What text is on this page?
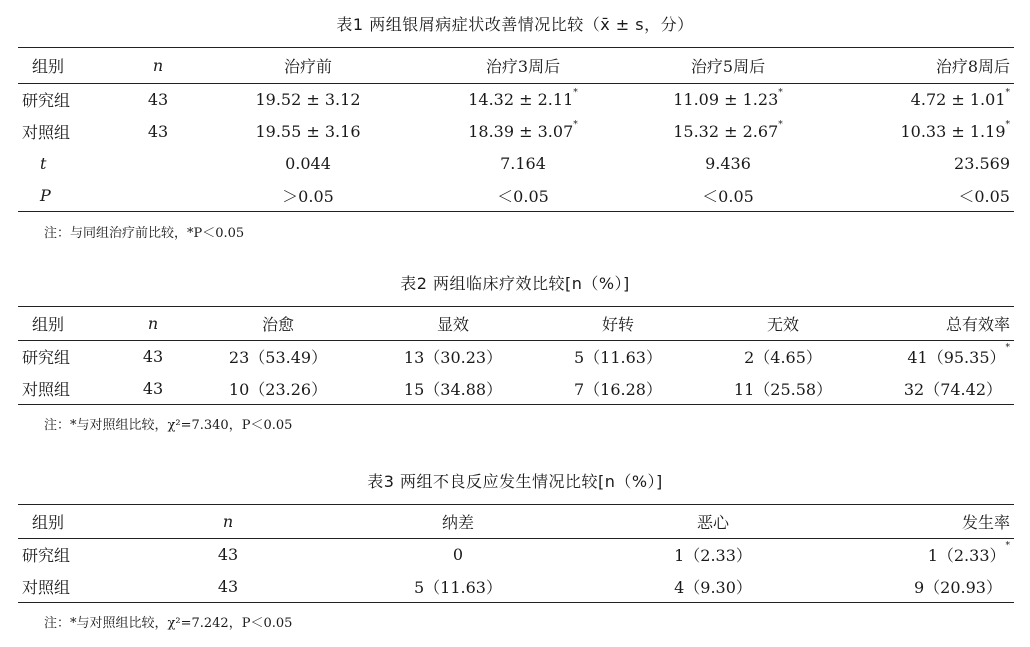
表1 两组银屑病症状改善情况比较（x̄ ± s，分）
组别	n	治疗前	治疗3周后	治疗5周后	治疗8周后
研究组	43	19.52 ± 3.12	14.32 ± 2.11*	11.09 ± 1.23*	4.72 ± 1.01*
对照组	43	19.55 ± 3.16	18.39 ± 3.07*	15.32 ± 2.67*	10.33 ± 1.19*
t		0.044	7.164	9.436	23.569
P		＞0.05	＜0.05	＜0.05	＜0.05
注：与同组治疗前比较，*P＜0.05
表2 两组临床疗效比较[n（%）]
组别	n	治愈	显效	好转	无效	总有效率
研究组	43	23（53.49）	13（30.23）	5（11.63）	2（4.65）	41（95.35）*
对照组	43	10（23.26）	15（34.88）	7（16.28）	11（25.58）	32（74.42）
注：*与对照组比较，χ²=7.340，P＜0.05
表3 两组不良反应发生情况比较[n（%）]
组别	n	纳差	恶心	发生率
研究组	43	0	1（2.33）	1（2.33）*
对照组	43	5（11.63）	4（9.30）	9（20.93）
注：*与对照组比较，χ²=7.242，P＜0.05
